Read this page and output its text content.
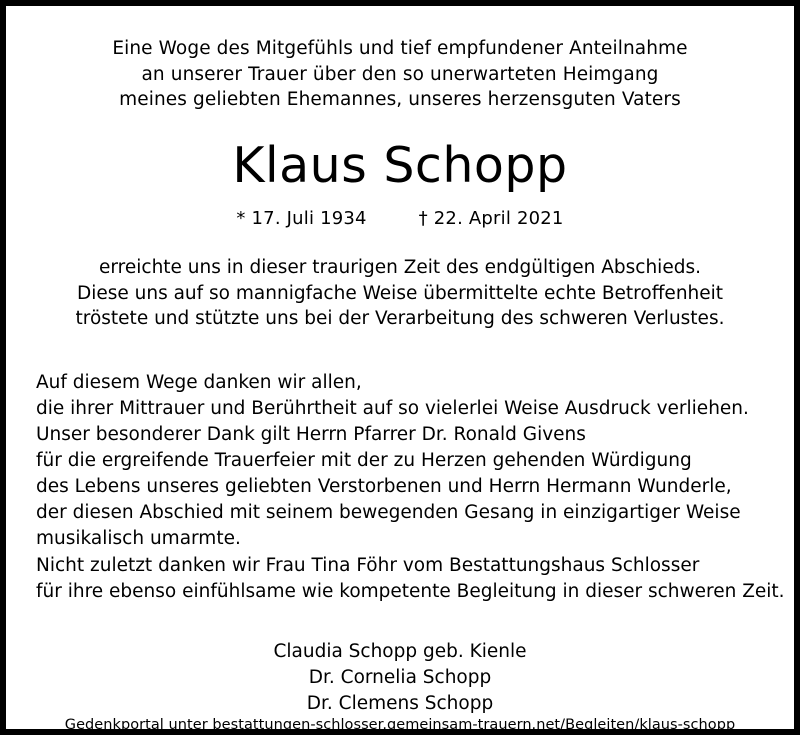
Eine Woge des Mitgefühls und tief empfundener Anteilnahme
an unserer Trauer über den so unerwarteten Heimgang
meines geliebten Ehemannes, unseres herzensguten Vaters
Klaus Schopp
* 17. Juli 1934	† 22. April 2021
erreichte uns in dieser traurigen Zeit des endgültigen Abschieds.
Diese uns auf so mannigfache Weise übermittelte echte Betroffenheit
tröstete und stützte uns bei der Verarbeitung des schweren Verlustes.
Auf diesem Wege danken wir allen,
die ihrer Mittrauer und Berührtheit auf so vielerlei Weise Ausdruck verliehen.
Unser besonderer Dank gilt Herrn Pfarrer Dr. Ronald Givens
für die ergreifende Trauerfeier mit der zu Herzen gehenden Würdigung
des Lebens unseres geliebten Verstorbenen und Herrn Hermann Wunderle,
der diesen Abschied mit seinem bewegenden Gesang in einzigartiger Weise
musikalisch umarmte.
Nicht zuletzt danken wir Frau Tina Föhr vom Bestattungshaus Schlosser
für ihre ebenso einfühlsame wie kompetente Begleitung in dieser schweren Zeit.
Claudia Schopp geb. Kienle
Dr. Cornelia Schopp
Dr. Clemens Schopp
Gedenkportal unter bestattungen-schlosser.gemeinsam-trauern.net/Begleiten/klaus-schopp
